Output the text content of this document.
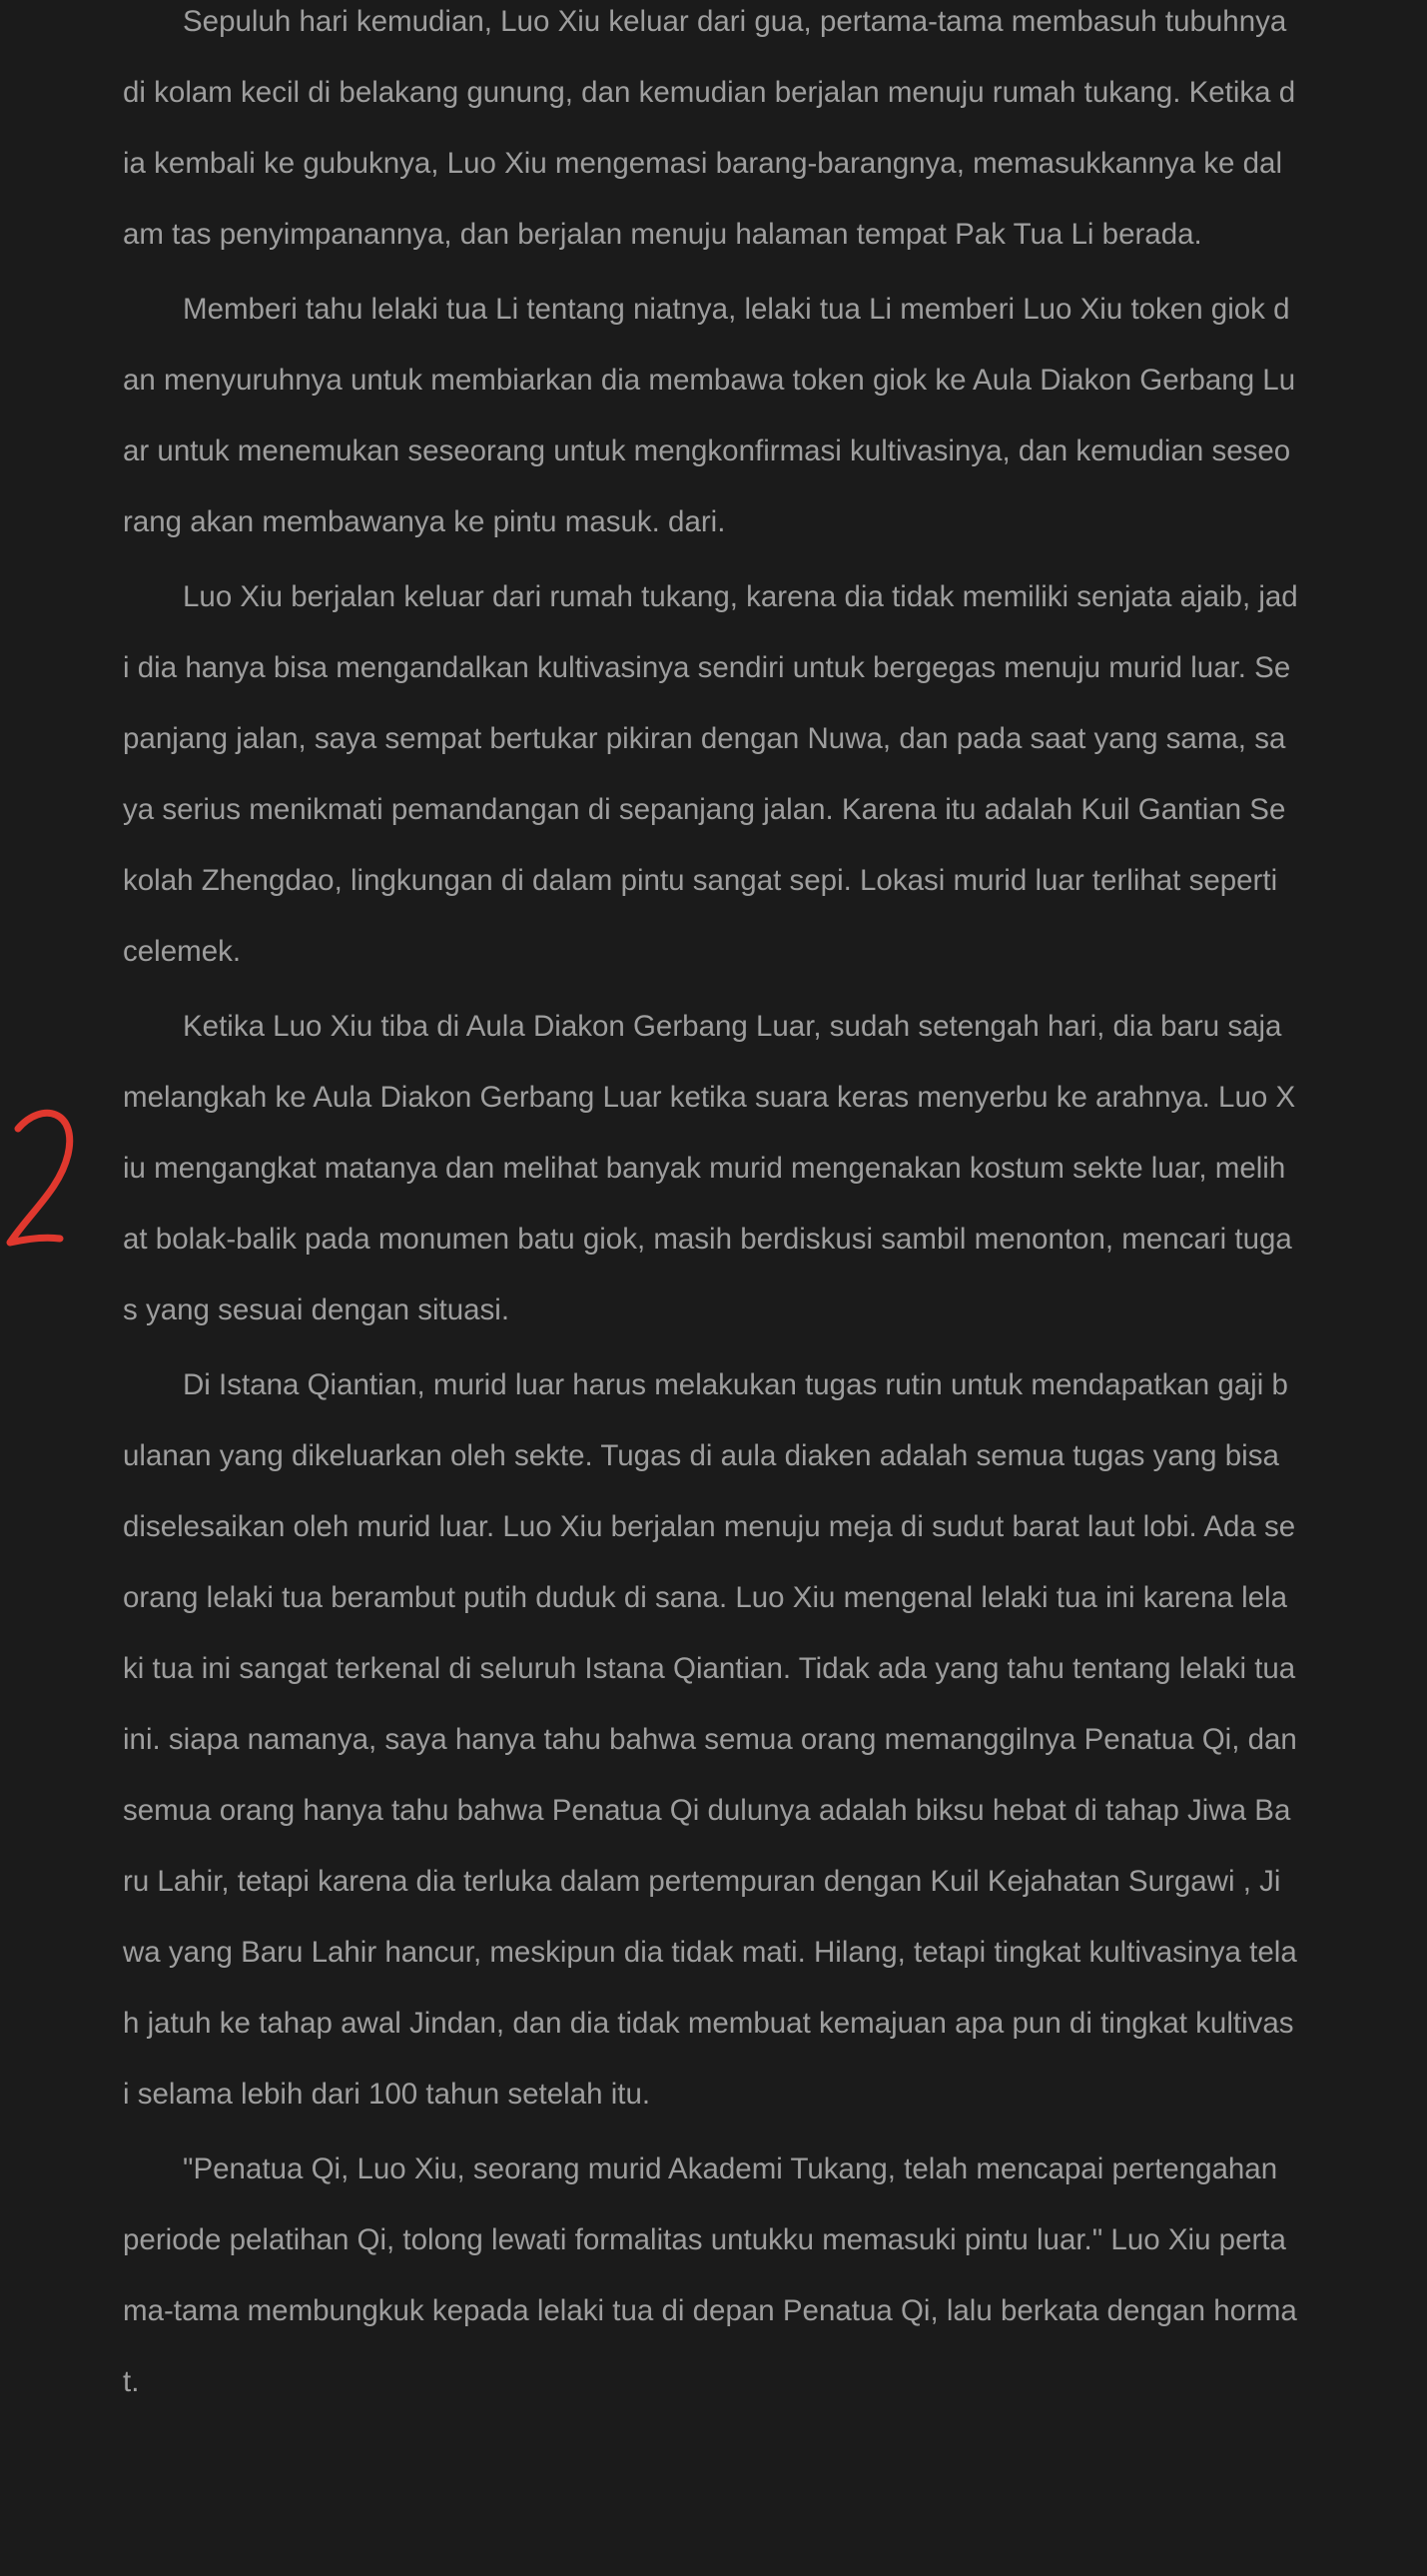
Sepuluh hari kemudian, Luo Xiu keluar dari gua, pertama-tama membasuh tubuhnya di kolam kecil di belakang gunung, dan kemudian berjalan menuju rumah tukang. Ketika dia kembali ke gubuknya, Luo Xiu mengemasi barang-barangnya, memasukkannya ke dalam tas penyimpanannya, dan berjalan menuju halaman tempat Pak Tua Li berada.

Memberi tahu lelaki tua Li tentang niatnya, lelaki tua Li memberi Luo Xiu token giok dan menyuruhnya untuk membiarkan dia membawa token giok ke Aula Diakon Gerbang Luar untuk menemukan seseorang untuk mengkonfirmasi kultivasinya, dan kemudian seseorang akan membawanya ke pintu masuk. dari.

Luo Xiu berjalan keluar dari rumah tukang, karena dia tidak memiliki senjata ajaib, jadi dia hanya bisa mengandalkan kultivasinya sendiri untuk bergegas menuju murid luar. Sepanjang jalan, saya sempat bertukar pikiran dengan Nuwa, dan pada saat yang sama, saya serius menikmati pemandangan di sepanjang jalan. Karena itu adalah Kuil Gantian Sekolah Zhengdao, lingkungan di dalam pintu sangat sepi. Lokasi murid luar terlihat seperti celemek.

Ketika Luo Xiu tiba di Aula Diakon Gerbang Luar, sudah setengah hari, dia baru saja melangkah ke Aula Diakon Gerbang Luar ketika suara keras menyerbu ke arahnya. Luo Xiu mengangkat matanya dan melihat banyak murid mengenakan kostum sekte luar, melihat bolak-balik pada monumen batu giok, masih berdiskusi sambil menonton, mencari tugas yang sesuai dengan situasi.

Di Istana Qiantian, murid luar harus melakukan tugas rutin untuk mendapatkan gaji bulanan yang dikeluarkan oleh sekte. Tugas di aula diaken adalah semua tugas yang bisa diselesaikan oleh murid luar. Luo Xiu berjalan menuju meja di sudut barat laut lobi. Ada seorang lelaki tua berambut putih duduk di sana. Luo Xiu mengenal lelaki tua ini karena lelaki tua ini sangat terkenal di seluruh Istana Qiantian. Tidak ada yang tahu tentang lelaki tua ini. siapa namanya, saya hanya tahu bahwa semua orang memanggilnya Penatua Qi, dan semua orang hanya tahu bahwa Penatua Qi dulunya adalah biksu hebat di tahap Jiwa Baru Lahir, tetapi karena dia terluka dalam pertempuran dengan Kuil Kejahatan Surgawi , Jiwa yang Baru Lahir hancur, meskipun dia tidak mati. Hilang, tetapi tingkat kultivasinya telah jatuh ke tahap awal Jindan, dan dia tidak membuat kemajuan apa pun di tingkat kultivasi selama lebih dari 100 tahun setelah itu.

"Penatua Qi, Luo Xiu, seorang murid Akademi Tukang, telah mencapai pertengahan periode pelatihan Qi, tolong lewati formalitas untukku memasuki pintu luar." Luo Xiu pertama-tama membungkuk kepada lelaki tua di depan Penatua Qi, lalu berkata dengan hormat.
